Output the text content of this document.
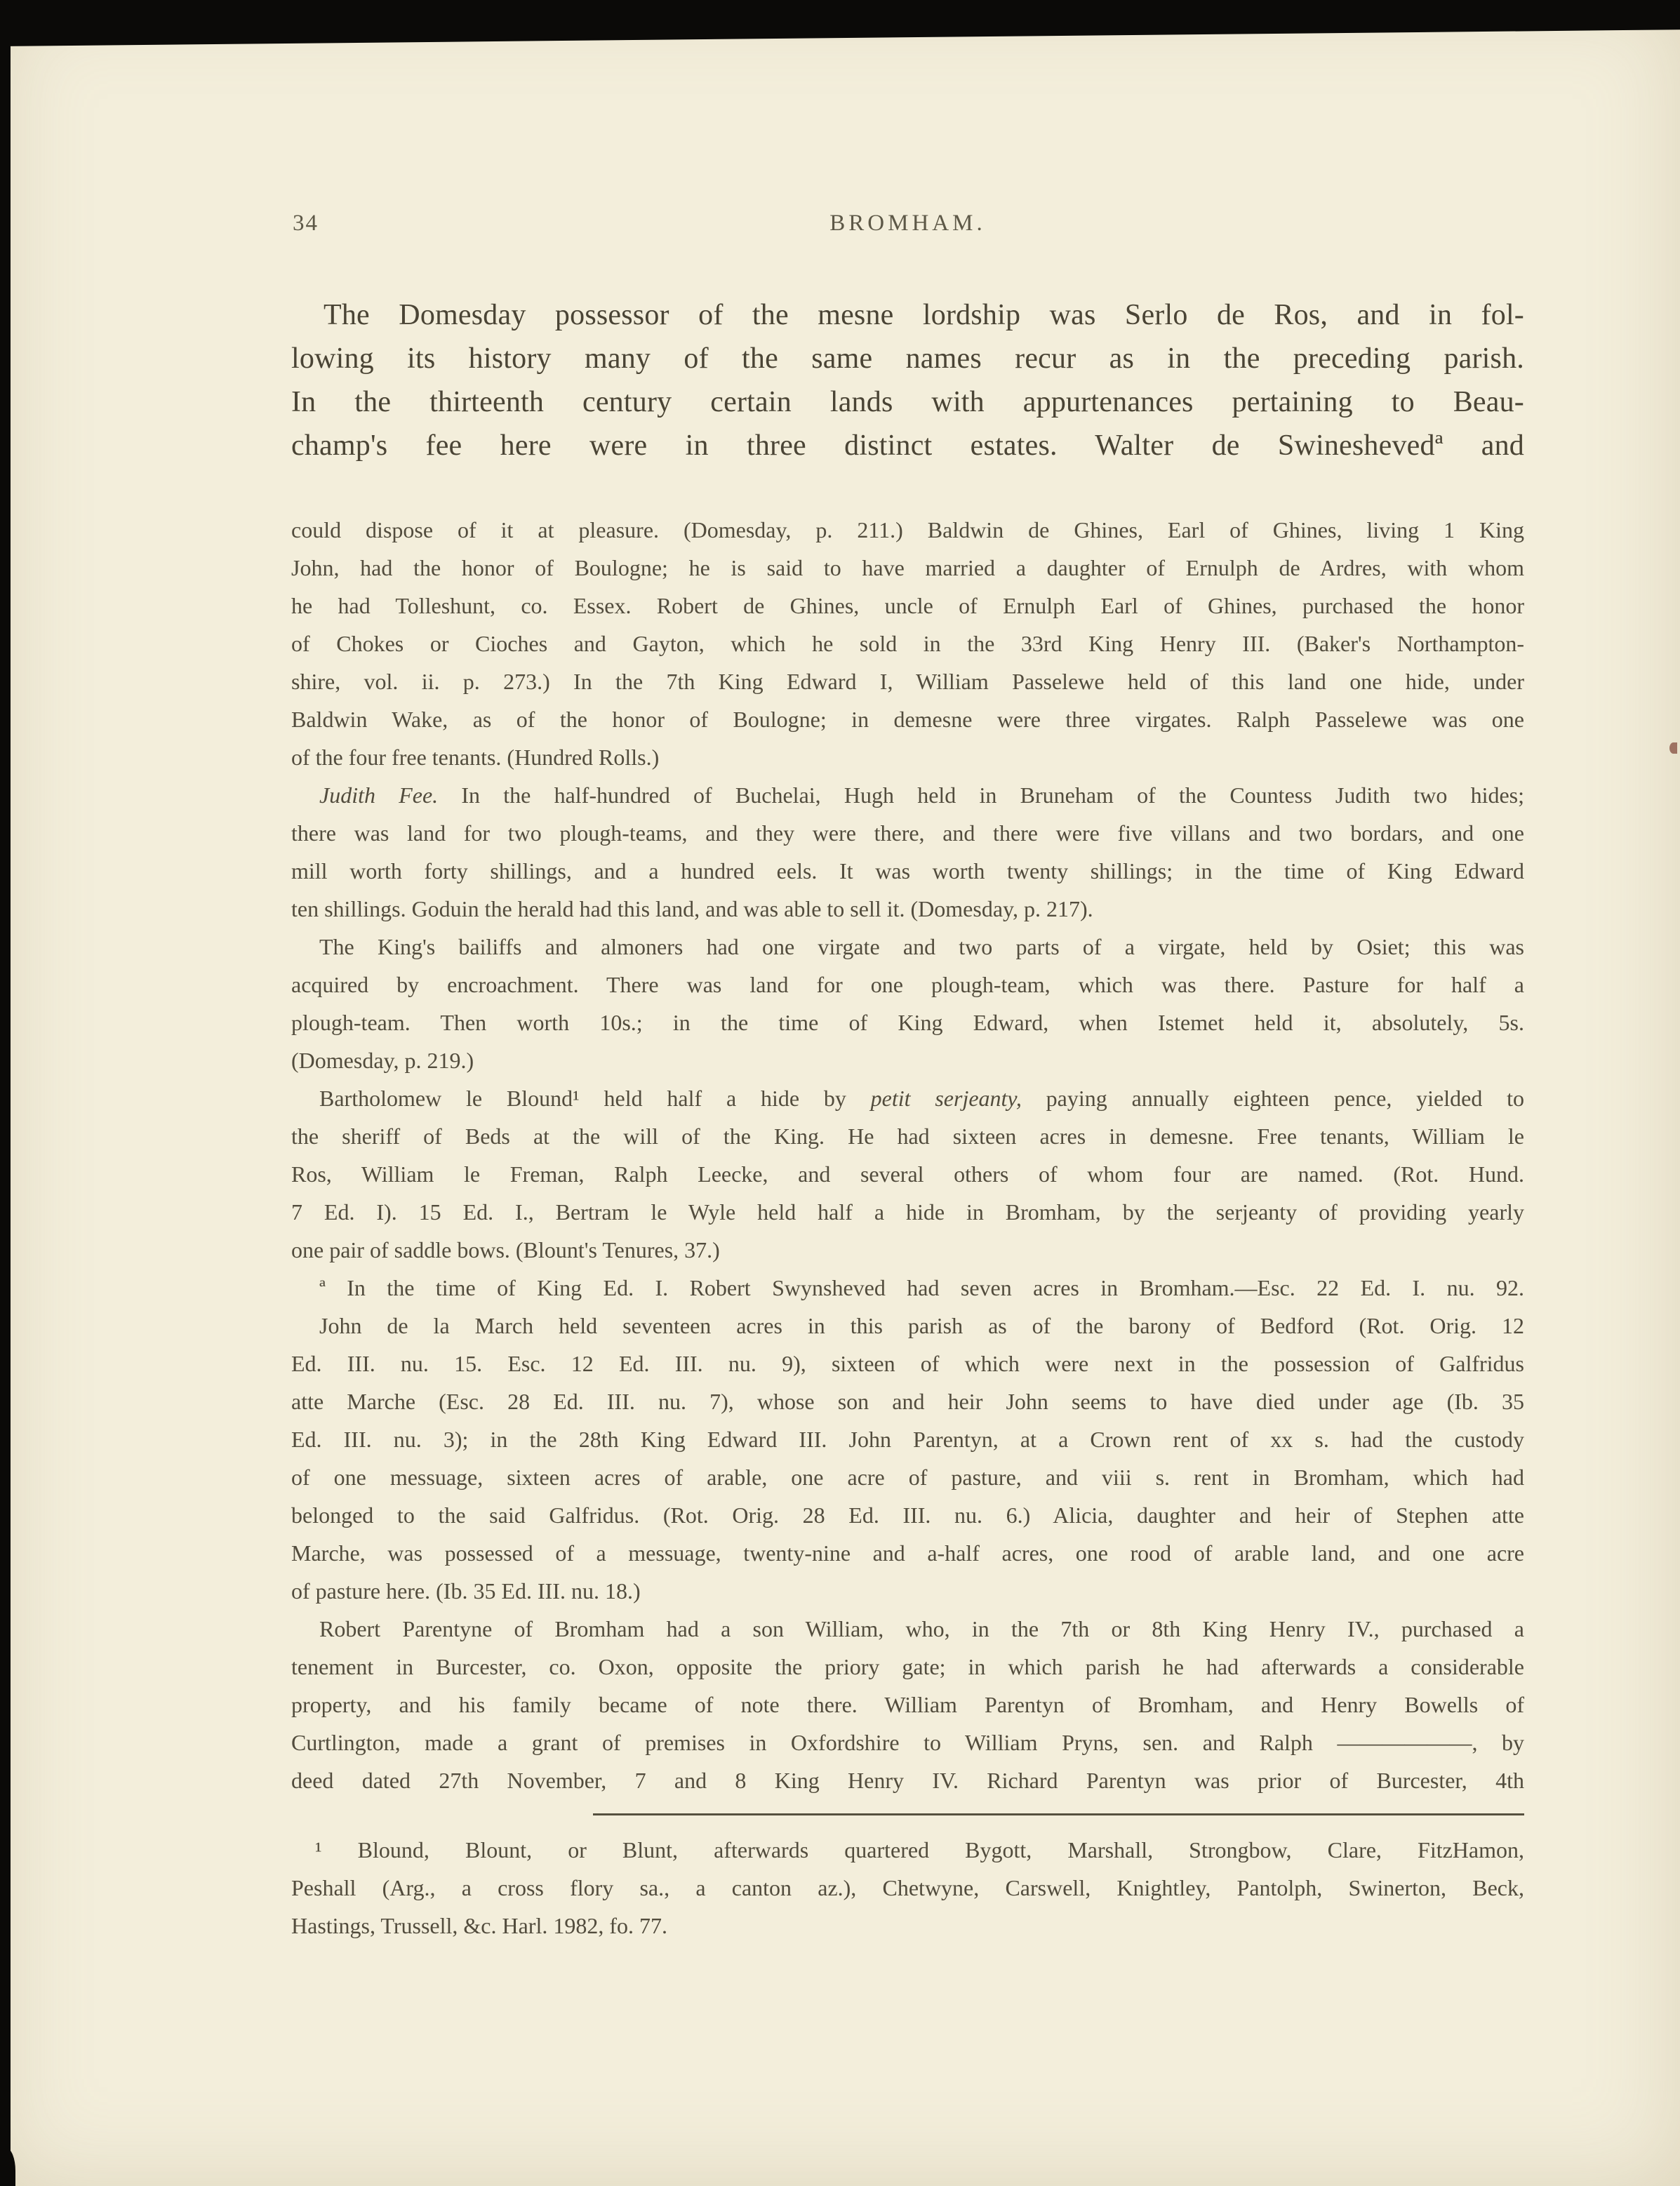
34	BROMHAM.
The Domesday possessor of the mesne lordship was Serlo de Ros, and in fol-
lowing its history many of the same names recur as in the preceding parish.
In the thirteenth century certain lands with appurtenances pertaining to Beau-
champ's fee here were in three distinct estates. Walter de Swineshevedª and
could dispose of it at pleasure. (Domesday, p. 211.) Baldwin de Ghines, Earl of Ghines, living 1 King
John, had the honor of Boulogne; he is said to have married a daughter of Ernulph de Ardres, with whom
he had Tolleshunt, co. Essex. Robert de Ghines, uncle of Ernulph Earl of Ghines, purchased the honor
of Chokes or Cioches and Gayton, which he sold in the 33rd King Henry III. (Baker's Northampton-
shire, vol. ii. p. 273.) In the 7th King Edward I, William Passelewe held of this land one hide, under
Baldwin Wake, as of the honor of Boulogne; in demesne were three virgates. Ralph Passelewe was one
of the four free tenants. (Hundred Rolls.)
Judith Fee. In the half-hundred of Buchelai, Hugh held in Bruneham of the Countess Judith two hides;
there was land for two plough-teams, and they were there, and there were five villans and two bordars, and one
mill worth forty shillings, and a hundred eels. It was worth twenty shillings; in the time of King Edward
ten shillings. Goduin the herald had this land, and was able to sell it. (Domesday, p. 217).
The King's bailiffs and almoners had one virgate and two parts of a virgate, held by Osiet; this was
acquired by encroachment. There was land for one plough-team, which was there. Pasture for half a
plough-team. Then worth 10s.; in the time of King Edward, when Istemet held it, absolutely, 5s.
(Domesday, p. 219.)
Bartholomew le Blound¹ held half a hide by petit serjeanty, paying annually eighteen pence, yielded to
the sheriff of Beds at the will of the King. He had sixteen acres in demesne. Free tenants, William le
Ros, William le Freman, Ralph Leecke, and several others of whom four are named. (Rot. Hund.
7 Ed. I). 15 Ed. I., Bertram le Wyle held half a hide in Bromham, by the serjeanty of providing yearly
one pair of saddle bows. (Blount's Tenures, 37.)
ª In the time of King Ed. I. Robert Swynsheved had seven acres in Bromham.—Esc. 22 Ed. I. nu. 92.
John de la March held seventeen acres in this parish as of the barony of Bedford (Rot. Orig. 12
Ed. III. nu. 15. Esc. 12 Ed. III. nu. 9), sixteen of which were next in the possession of Galfridus
atte Marche (Esc. 28 Ed. III. nu. 7), whose son and heir John seems to have died under age (Ib. 35
Ed. III. nu. 3); in the 28th King Edward III. John Parentyn, at a Crown rent of xx s. had the custody
of one messuage, sixteen acres of arable, one acre of pasture, and viii s. rent in Bromham, which had
belonged to the said Galfridus. (Rot. Orig. 28 Ed. III. nu. 6.) Alicia, daughter and heir of Stephen atte
Marche, was possessed of a messuage, twenty-nine and a-half acres, one rood of arable land, and one acre
of pasture here. (Ib. 35 Ed. III. nu. 18.)
Robert Parentyne of Bromham had a son William, who, in the 7th or 8th King Henry IV., purchased a
tenement in Burcester, co. Oxon, opposite the priory gate; in which parish he had afterwards a considerable
property, and his family became of note there. William Parentyn of Bromham, and Henry Bowells of
Curtlington, made a grant of premises in Oxfordshire to William Pryns, sen. and Ralph ——————, by
deed dated 27th November, 7 and 8 King Henry IV. Richard Parentyn was prior of Burcester, 4th
¹ Blound, Blount, or Blunt, afterwards quartered Bygott, Marshall, Strongbow, Clare, FitzHamon,
Peshall (Arg., a cross flory sa., a canton az.), Chetwyne, Carswell, Knightley, Pantolph, Swinerton, Beck,
Hastings, Trussell, &c. Harl. 1982, fo. 77.
